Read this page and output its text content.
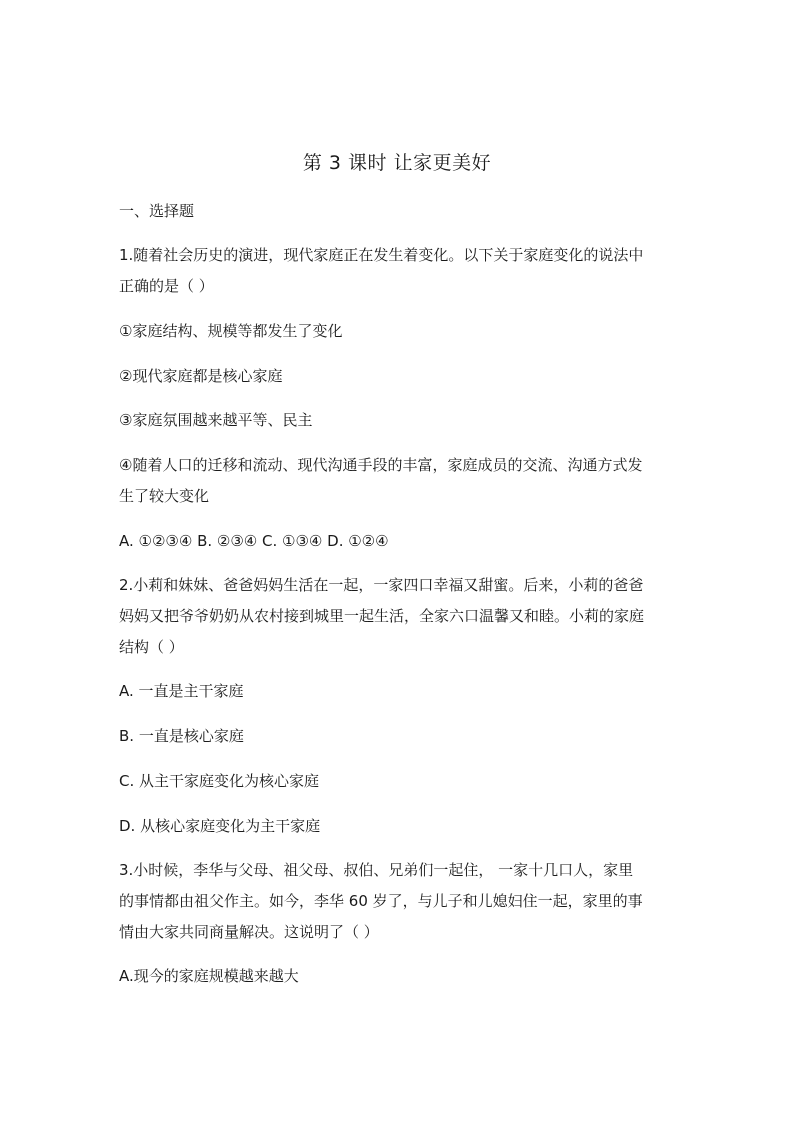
第 3 课时 让家更美好
一、选择题
1.随着社会历史的演进，现代家庭正在发生着变化。以下关于家庭变化的说法中
正确的是（ ）
①家庭结构、规模等都发生了变化
②现代家庭都是核心家庭
③家庭氛围越来越平等、民主
④随着人口的迁移和流动、现代沟通手段的丰富，家庭成员的交流、沟通方式发
生了较大变化
A. ①②③④ B. ②③④ C. ①③④ D. ①②④
2.小莉和妹妹、爸爸妈妈生活在一起，一家四口幸福又甜蜜。后来，小莉的爸爸
妈妈又把爷爷奶奶从农村接到城里一起生活，全家六口温馨又和睦。小莉的家庭
结构（ ）
A. 一直是主干家庭
B. 一直是核心家庭
C. 从主干家庭变化为核心家庭
D. 从核心家庭变化为主干家庭
3.小时候，李华与父母、祖父母、叔伯、兄弟们一起住， 一家十几口人，家里
的事情都由祖父作主。如今，李华 60 岁了，与儿子和儿媳妇住一起，家里的事
情由大家共同商量解决。这说明了（ ）
A.现今的家庭规模越来越大
